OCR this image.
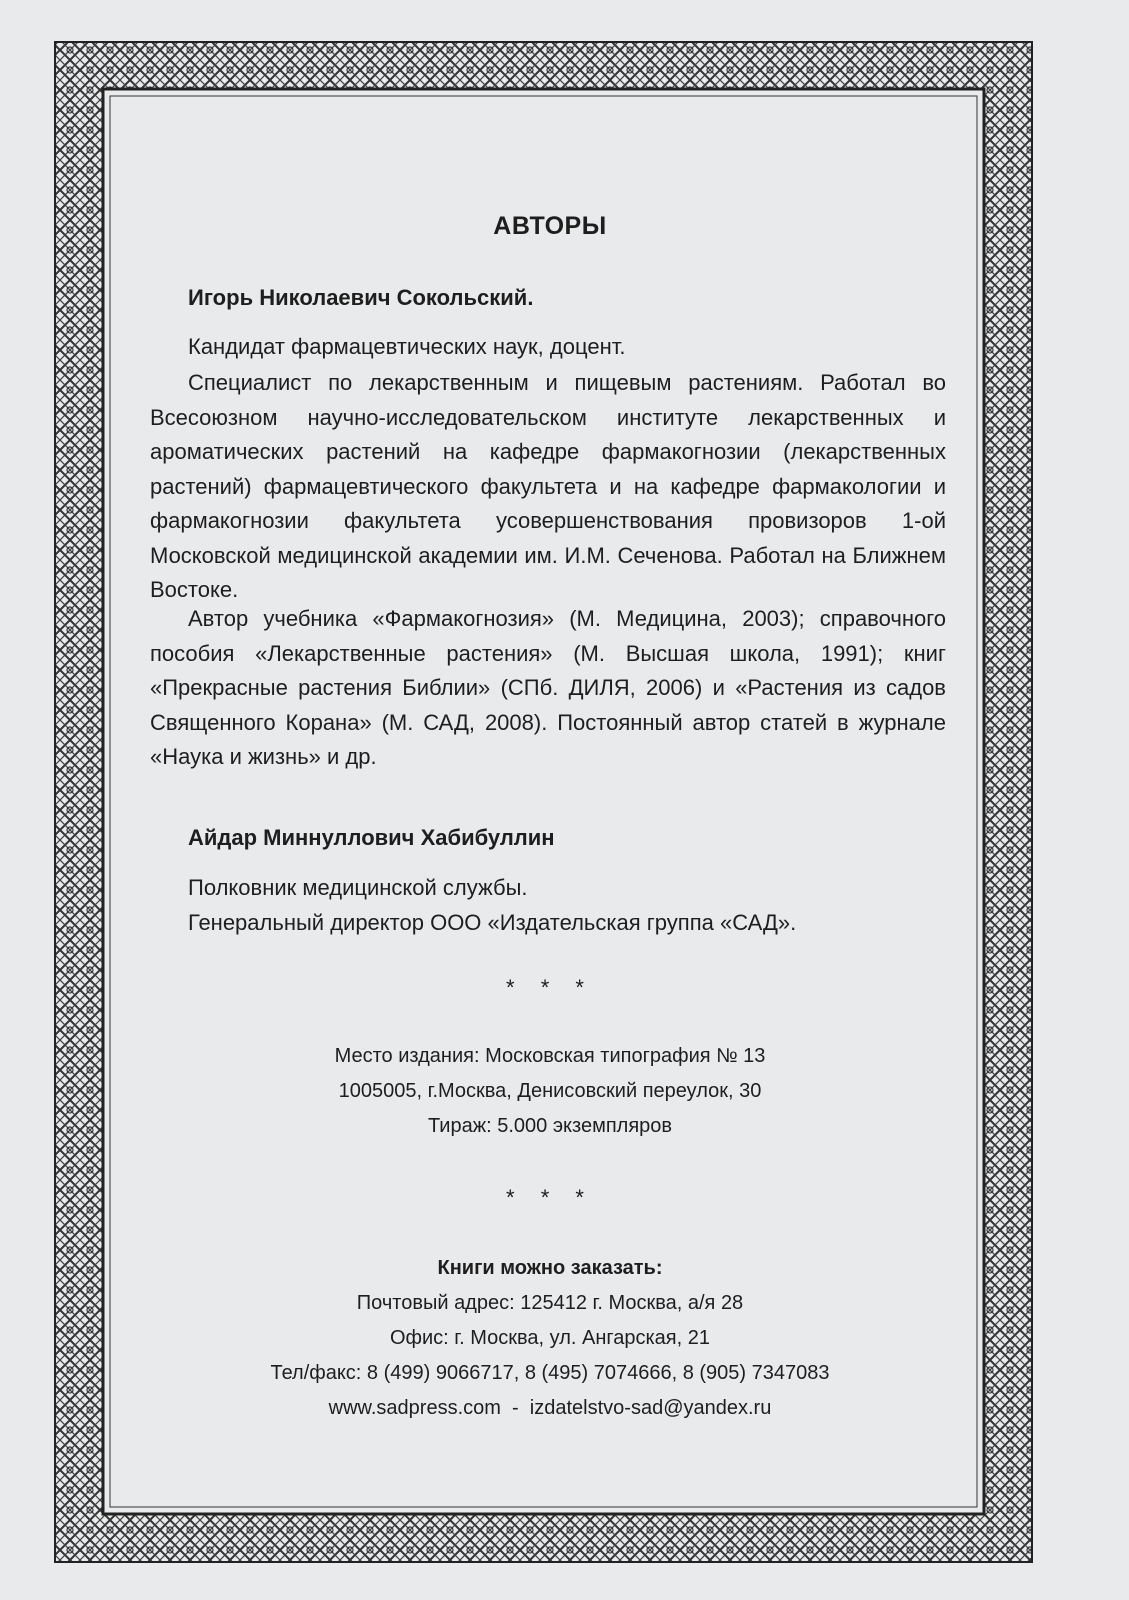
АВТОРЫ
Игорь Николаевич Сокольский.
Кандидат фармацевтических наук, доцент.

Специалист по лекарственным и пищевым растениям. Работал во Всесоюзном научно-исследовательском институте лекарственных и ароматических растений на кафедре фармакогнозии (лекарственных растений) фармацевтического факультета и на кафедре фармакологии и фармакогнозии факультета усовершенствования провизоров 1-ой Московской медицинской академии им. И.М. Сеченова. Работал на Ближнем Востоке.

Автор учебника «Фармакогнозия» (М. Медицина, 2003); справочного пособия «Лекарственные растения» (М. Высшая школа, 1991); книг «Прекрасные растения Библии» (СПб. ДИЛЯ, 2006) и «Растения из садов Священного Корана» (М. САД, 2008). Постоянный автор статей в журнале «Наука и жизнь» и др.

Айдар Миннуллович Хабибуллин
Полковник медицинской службы.
Генеральный директор ООО «Издательская группа «САД».
* * *
Место издания: Московская типография № 13
1005005, г.Москва, Денисовский переулок, 30
Тираж: 5.000 экземпляров
* * *
Книги можно заказать:
Почтовый адрес: 125412 г. Москва, а/я 28
Офис: г. Москва, ул. Ангарская, 21
Тел/факс: 8 (499) 9066717, 8 (495) 7074666, 8 (905) 7347083
www.sadpress.com  -  izdatelstvo-sad@yandex.ru
